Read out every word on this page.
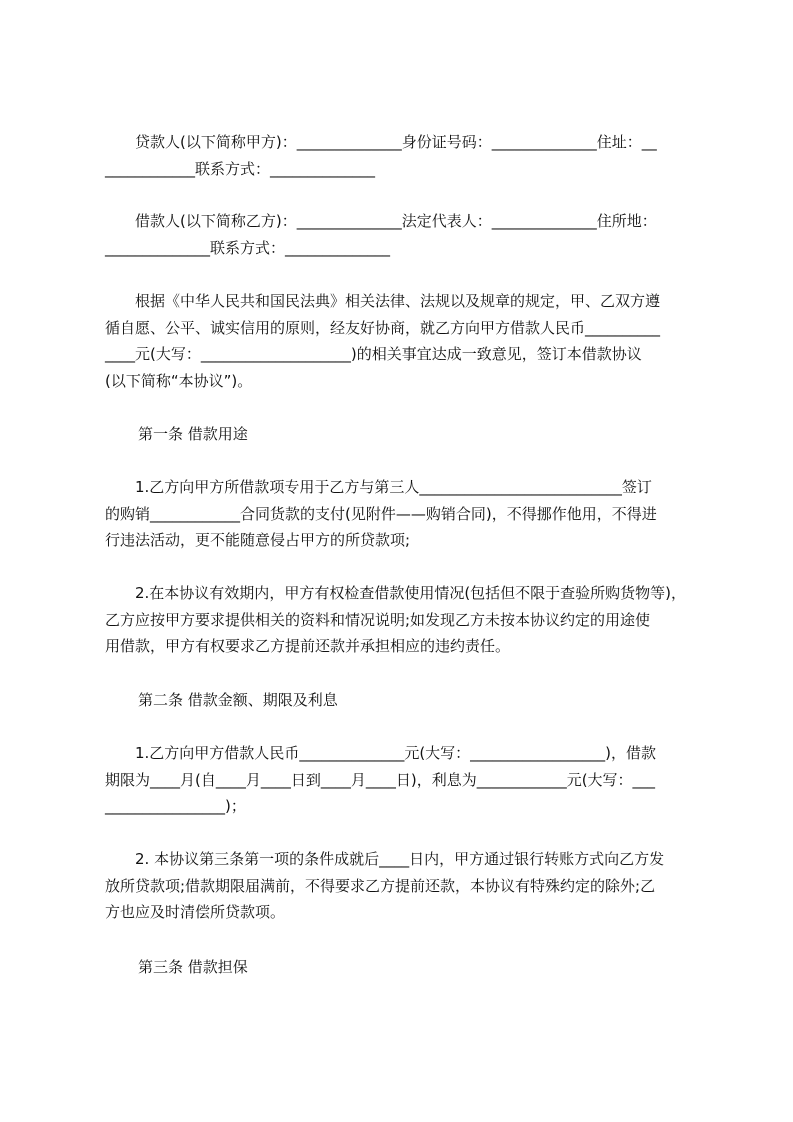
　　贷款人(以下简称甲方)：______________身份证号码：______________住址：__
____________联系方式：______________
　　借款人(以下简称乙方)：______________法定代表人：______________住所地：
______________联系方式：______________
　　根据《中华人民共和国民法典》相关法律、法规以及规章的规定，甲、乙双方遵
循自愿、公平、诚实信用的原则，经友好协商，就乙方向甲方借款人民币__________
____元(大写：____________________)的相关事宜达成一致意见，签订本借款协议
(以下简称“本协议”)。
第一条 借款用途
　　1.乙方向甲方所借款项专用于乙方与第三人___________________________签订
的购销____________合同货款的支付(见附件——购销合同)，不得挪作他用，不得进
行违法活动，更不能随意侵占甲方的所贷款项;
　　2.在本协议有效期内，甲方有权检查借款使用情况(包括但不限于查验所购货物等)，
乙方应按甲方要求提供相关的资料和情况说明;如发现乙方未按本协议约定的用途使
用借款，甲方有权要求乙方提前还款并承担相应的违约责任。
第二条 借款金额、期限及利息
　　1.乙方向甲方借款人民币______________元(大写：__________________)，借款
期限为____月(自____月____日到____月____日)，利息为____________元(大写：___
________________)；
　　2. 本协议第三条第一项的条件成就后____日内，甲方通过银行转账方式向乙方发
放所贷款项;借款期限届满前，不得要求乙方提前还款，本协议有特殊约定的除外;乙
方也应及时清偿所贷款项。
第三条 借款担保
